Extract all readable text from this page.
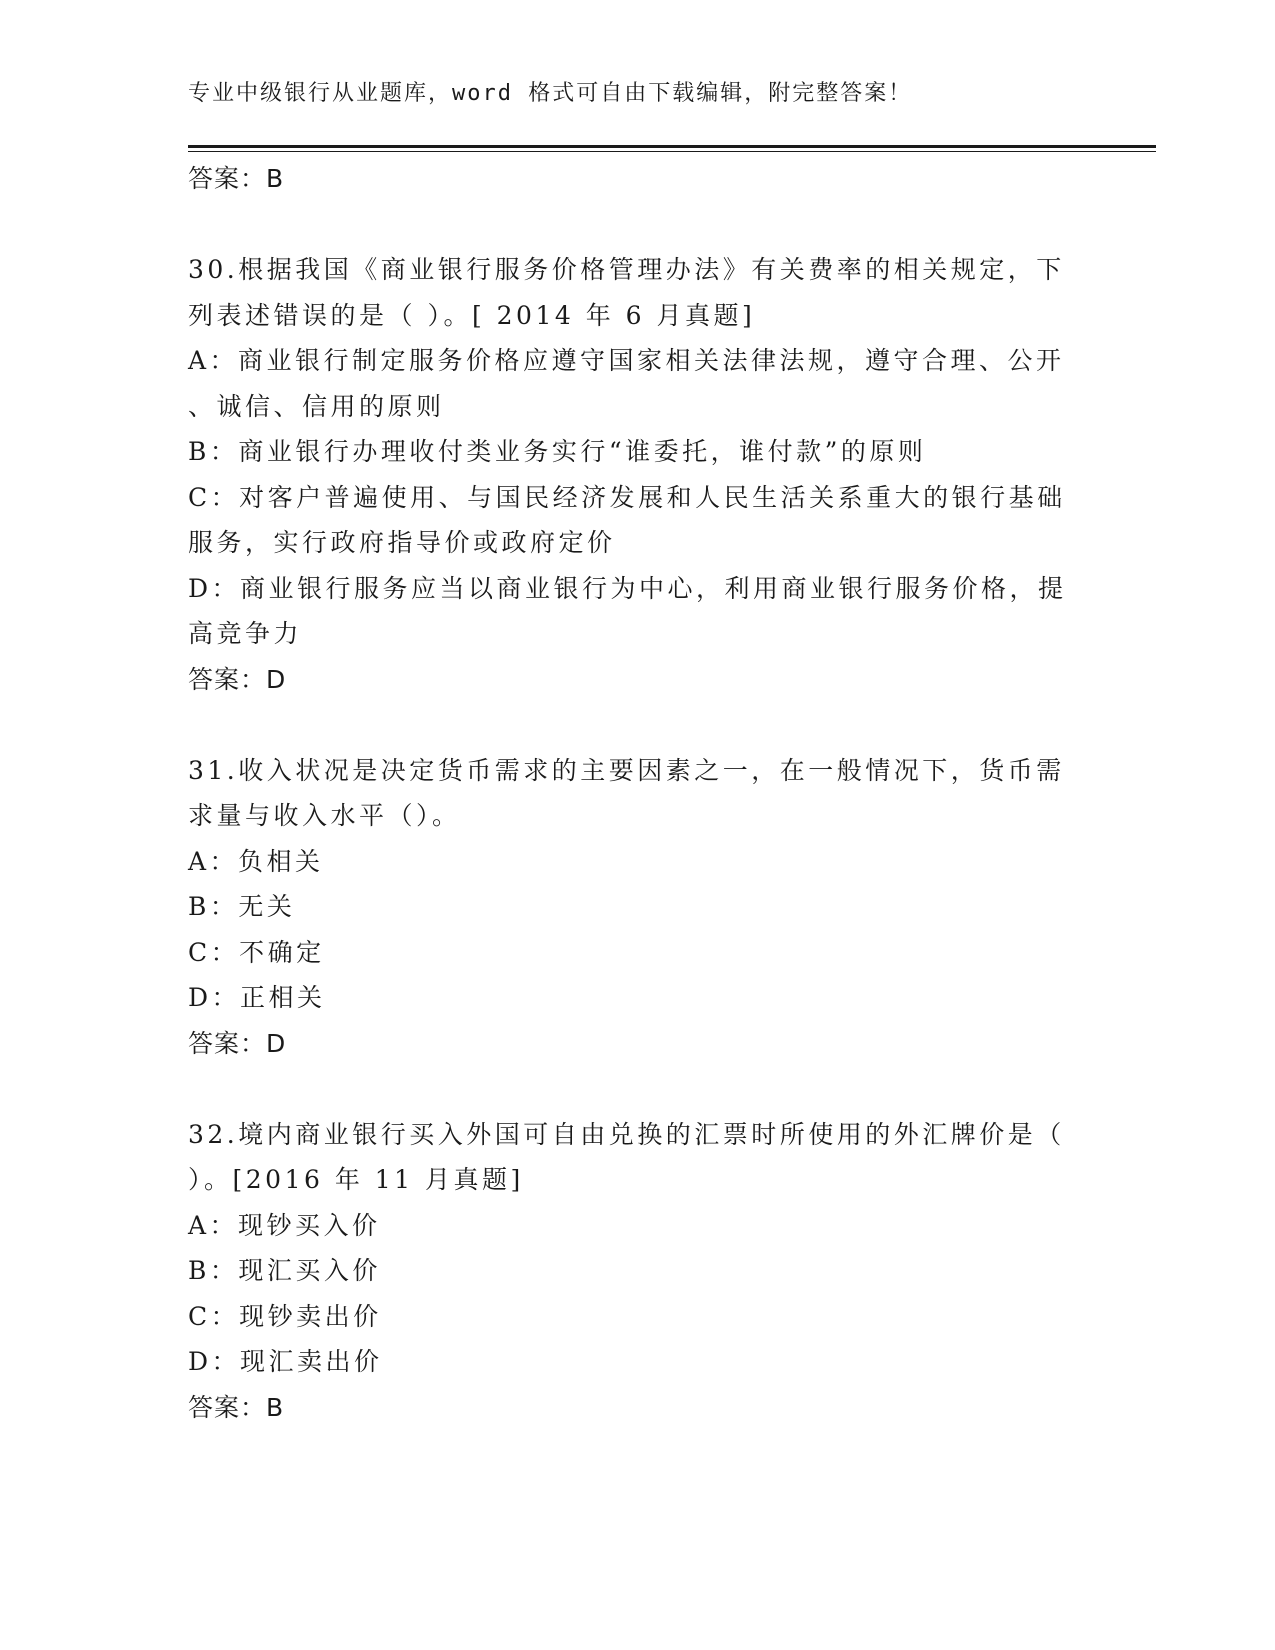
专业中级银行从业题库，word 格式可自由下载编辑，附完整答案！
答案：B
30.根据我国《商业银行服务价格管理办法》有关费率的相关规定，下
列表述错误的是（ ）。[ 2014 年 6 月真题]
A：商业银行制定服务价格应遵守国家相关法律法规，遵守合理、公开
、诚信、信用的原则
B：商业银行办理收付类业务实行“谁委托，谁付款”的原则
C：对客户普遍使用、与国民经济发展和人民生活关系重大的银行基础
服务，实行政府指导价或政府定价
D：商业银行服务应当以商业银行为中心，利用商业银行服务价格，提
高竞争力
答案：D
31.收入状况是决定货币需求的主要因素之一，在一般情况下，货币需
求量与收入水平（）。
A：负相关
B：无关
C：不确定
D：正相关
答案：D
32.境内商业银行买入外国可自由兑换的汇票时所使用的外汇牌价是（
）。[2016 年 11 月真题]
A：现钞买入价
B：现汇买入价
C：现钞卖出价
D：现汇卖出价
答案：B
